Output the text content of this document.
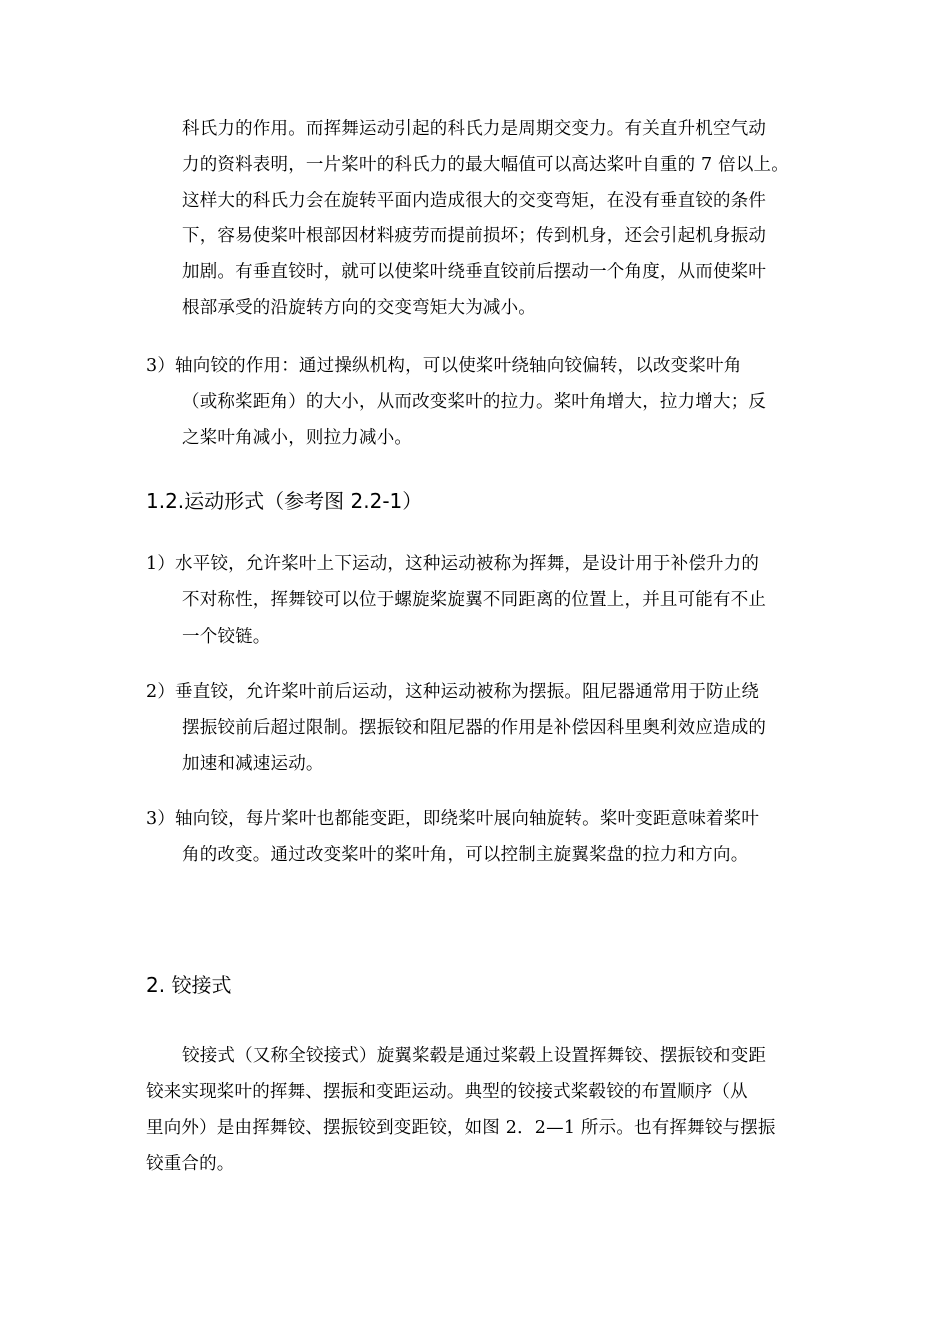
科氏力的作用。而挥舞运动引起的科氏力是周期交变力。有关直升机空气动
力的资料表明，一片桨叶的科氏力的最大幅值可以高达桨叶自重的 7 倍以上。
这样大的科氏力会在旋转平面内造成很大的交变弯矩，在没有垂直铰的条件
下，容易使桨叶根部因材料疲劳而提前损坏；传到机身，还会引起机身振动
加剧。有垂直铰时，就可以使桨叶绕垂直铰前后摆动一个角度，从而使桨叶
根部承受的沿旋转方向的交变弯矩大为减小。
3）轴向铰的作用：通过操纵机构，可以使桨叶绕轴向铰偏转，以改变桨叶角
（或称桨距角）的大小，从而改变桨叶的拉力。桨叶角增大，拉力增大；反
之桨叶角减小，则拉力减小。
1.2.运动形式（参考图 2.2-1）
1）水平铰，允许桨叶上下运动，这种运动被称为挥舞，是设计用于补偿升力的
不对称性，挥舞铰可以位于螺旋桨旋翼不同距离的位置上，并且可能有不止
一个铰链。
2）垂直铰，允许桨叶前后运动，这种运动被称为摆振。阻尼器通常用于防止绕
摆振铰前后超过限制。摆振铰和阻尼器的作用是补偿因科里奥利效应造成的
加速和减速运动。
3）轴向铰，每片桨叶也都能变距，即绕桨叶展向轴旋转。桨叶变距意味着桨叶
角的改变。通过改变桨叶的桨叶角，可以控制主旋翼桨盘的拉力和方向。
2. 铰接式
铰接式（又称全铰接式）旋翼桨毂是通过桨毂上设置挥舞铰、摆振铰和变距
铰来实现桨叶的挥舞、摆振和变距运动。典型的铰接式桨毂铰的布置顺序（从
里向外）是由挥舞铰、摆振铰到变距铰，如图 2．2—1 所示。也有挥舞铰与摆振
铰重合的。
